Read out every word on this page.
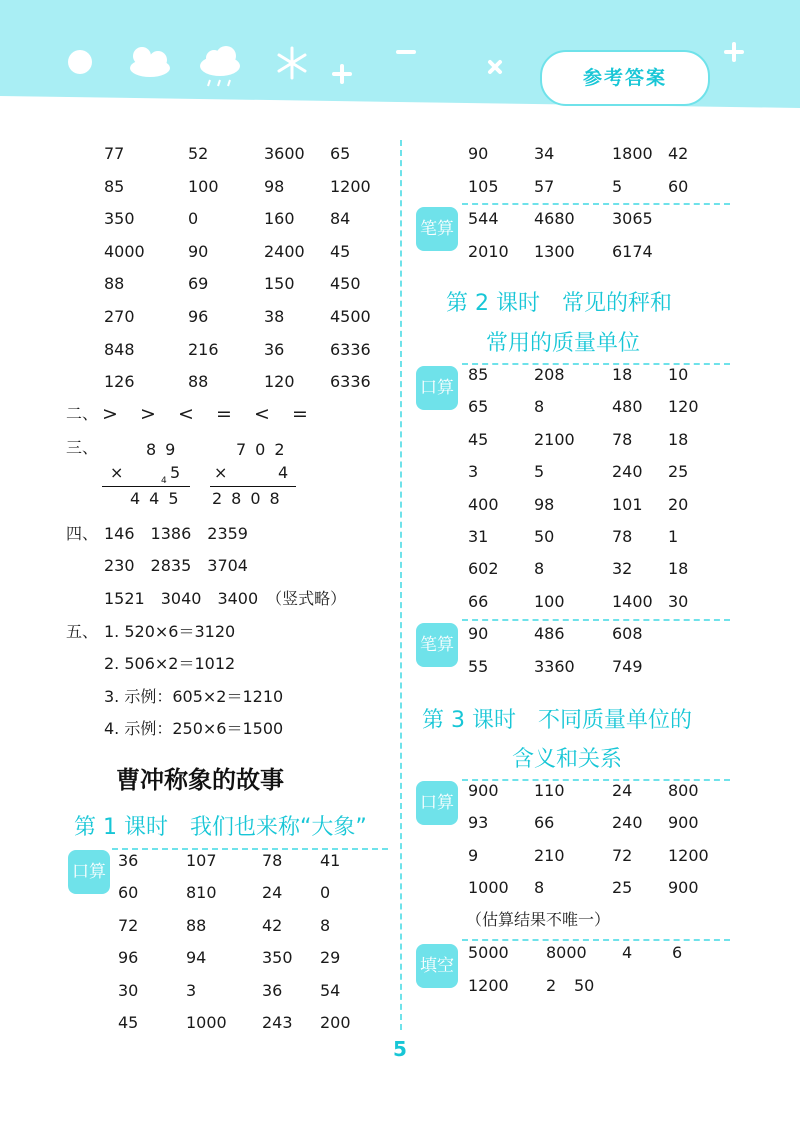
参考答案
77	52	3600 65
85	100	98	1200
350	0	160 84
4000	90	2400 45
88	69	150 450
270	96	38	4500
848	216	36	6336
126	88	120 6336
二、 > > < = < =
三、	89
×	4 5
445
702
×	4
2808
四、 146　1386　2359
230　2835　3704
1521　3040　3400　（竖式略）
五、 1. 520×6＝3120
2. 506×2＝1012
3. 示例：605×2＝1210
4. 示例：250×6＝1500
曹冲称象的故事
第 1 课时　我们也来称“大象”
口算
36	107	78 41
60	810	24 0
72	88	42 8
96	94	350 29
30	3	36 54
45	1000 243 200
90	34	1800 42
105 57	5	60
笔算
544 4680 3065
2010 1300 6174
第 2 课时　常见的秤和
常用的质量单位
口算
85	208	18 10
65	8	480 120
45	2100 78 18
3	5	240 25
400 98	101 20
31	50	78 1
602 8	32 18
66	100	1400 30
笔算
90	486	608
55	3360 749
第 3 课时　不同质量单位的
含义和关系
口算
900 110	24 800
93	66	240 900
9	210	72 1200
1000 8	25 900
（估算结果不唯一）
填空
5000 8000 4 6
1200 2 50
5
